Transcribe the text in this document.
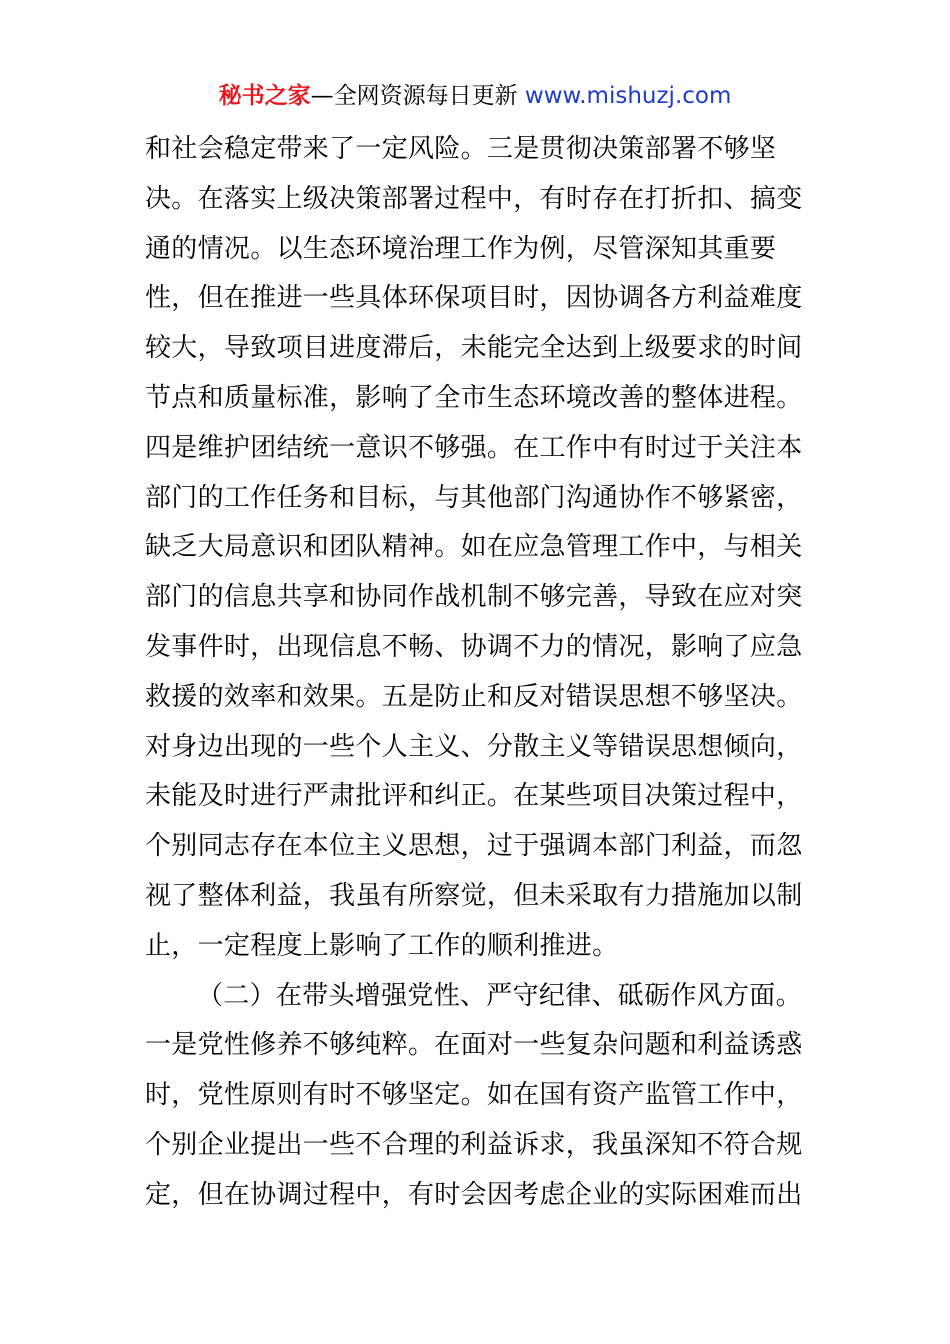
秘书之家—全网资源每日更新 www.mishuzj.com
和社会稳定带来了一定风险。三是贯彻决策部署不够坚
决。在落实上级决策部署过程中，有时存在打折扣、搞变
通的情况。以生态环境治理工作为例，尽管深知其重要
性，但在推进一些具体环保项目时，因协调各方利益难度
较大，导致项目进度滞后，未能完全达到上级要求的时间
节点和质量标准，影响了全市生态环境改善的整体进程。
四是维护团结统一意识不够强。在工作中有时过于关注本
部门的工作任务和目标，与其他部门沟通协作不够紧密，
缺乏大局意识和团队精神。如在应急管理工作中，与相关
部门的信息共享和协同作战机制不够完善，导致在应对突
发事件时，出现信息不畅、协调不力的情况，影响了应急
救援的效率和效果。五是防止和反对错误思想不够坚决。
对身边出现的一些个人主义、分散主义等错误思想倾向，
未能及时进行严肃批评和纠正。在某些项目决策过程中，
个别同志存在本位主义思想，过于强调本部门利益，而忽
视了整体利益，我虽有所察觉，但未采取有力措施加以制
止，一定程度上影响了工作的顺利推进。
（二）在带头增强党性、严守纪律、砥砺作风方面。
一是党性修养不够纯粹。在面对一些复杂问题和利益诱惑
时，党性原则有时不够坚定。如在国有资产监管工作中，
个别企业提出一些不合理的利益诉求，我虽深知不符合规
定，但在协调过程中，有时会因考虑企业的实际困难而出
